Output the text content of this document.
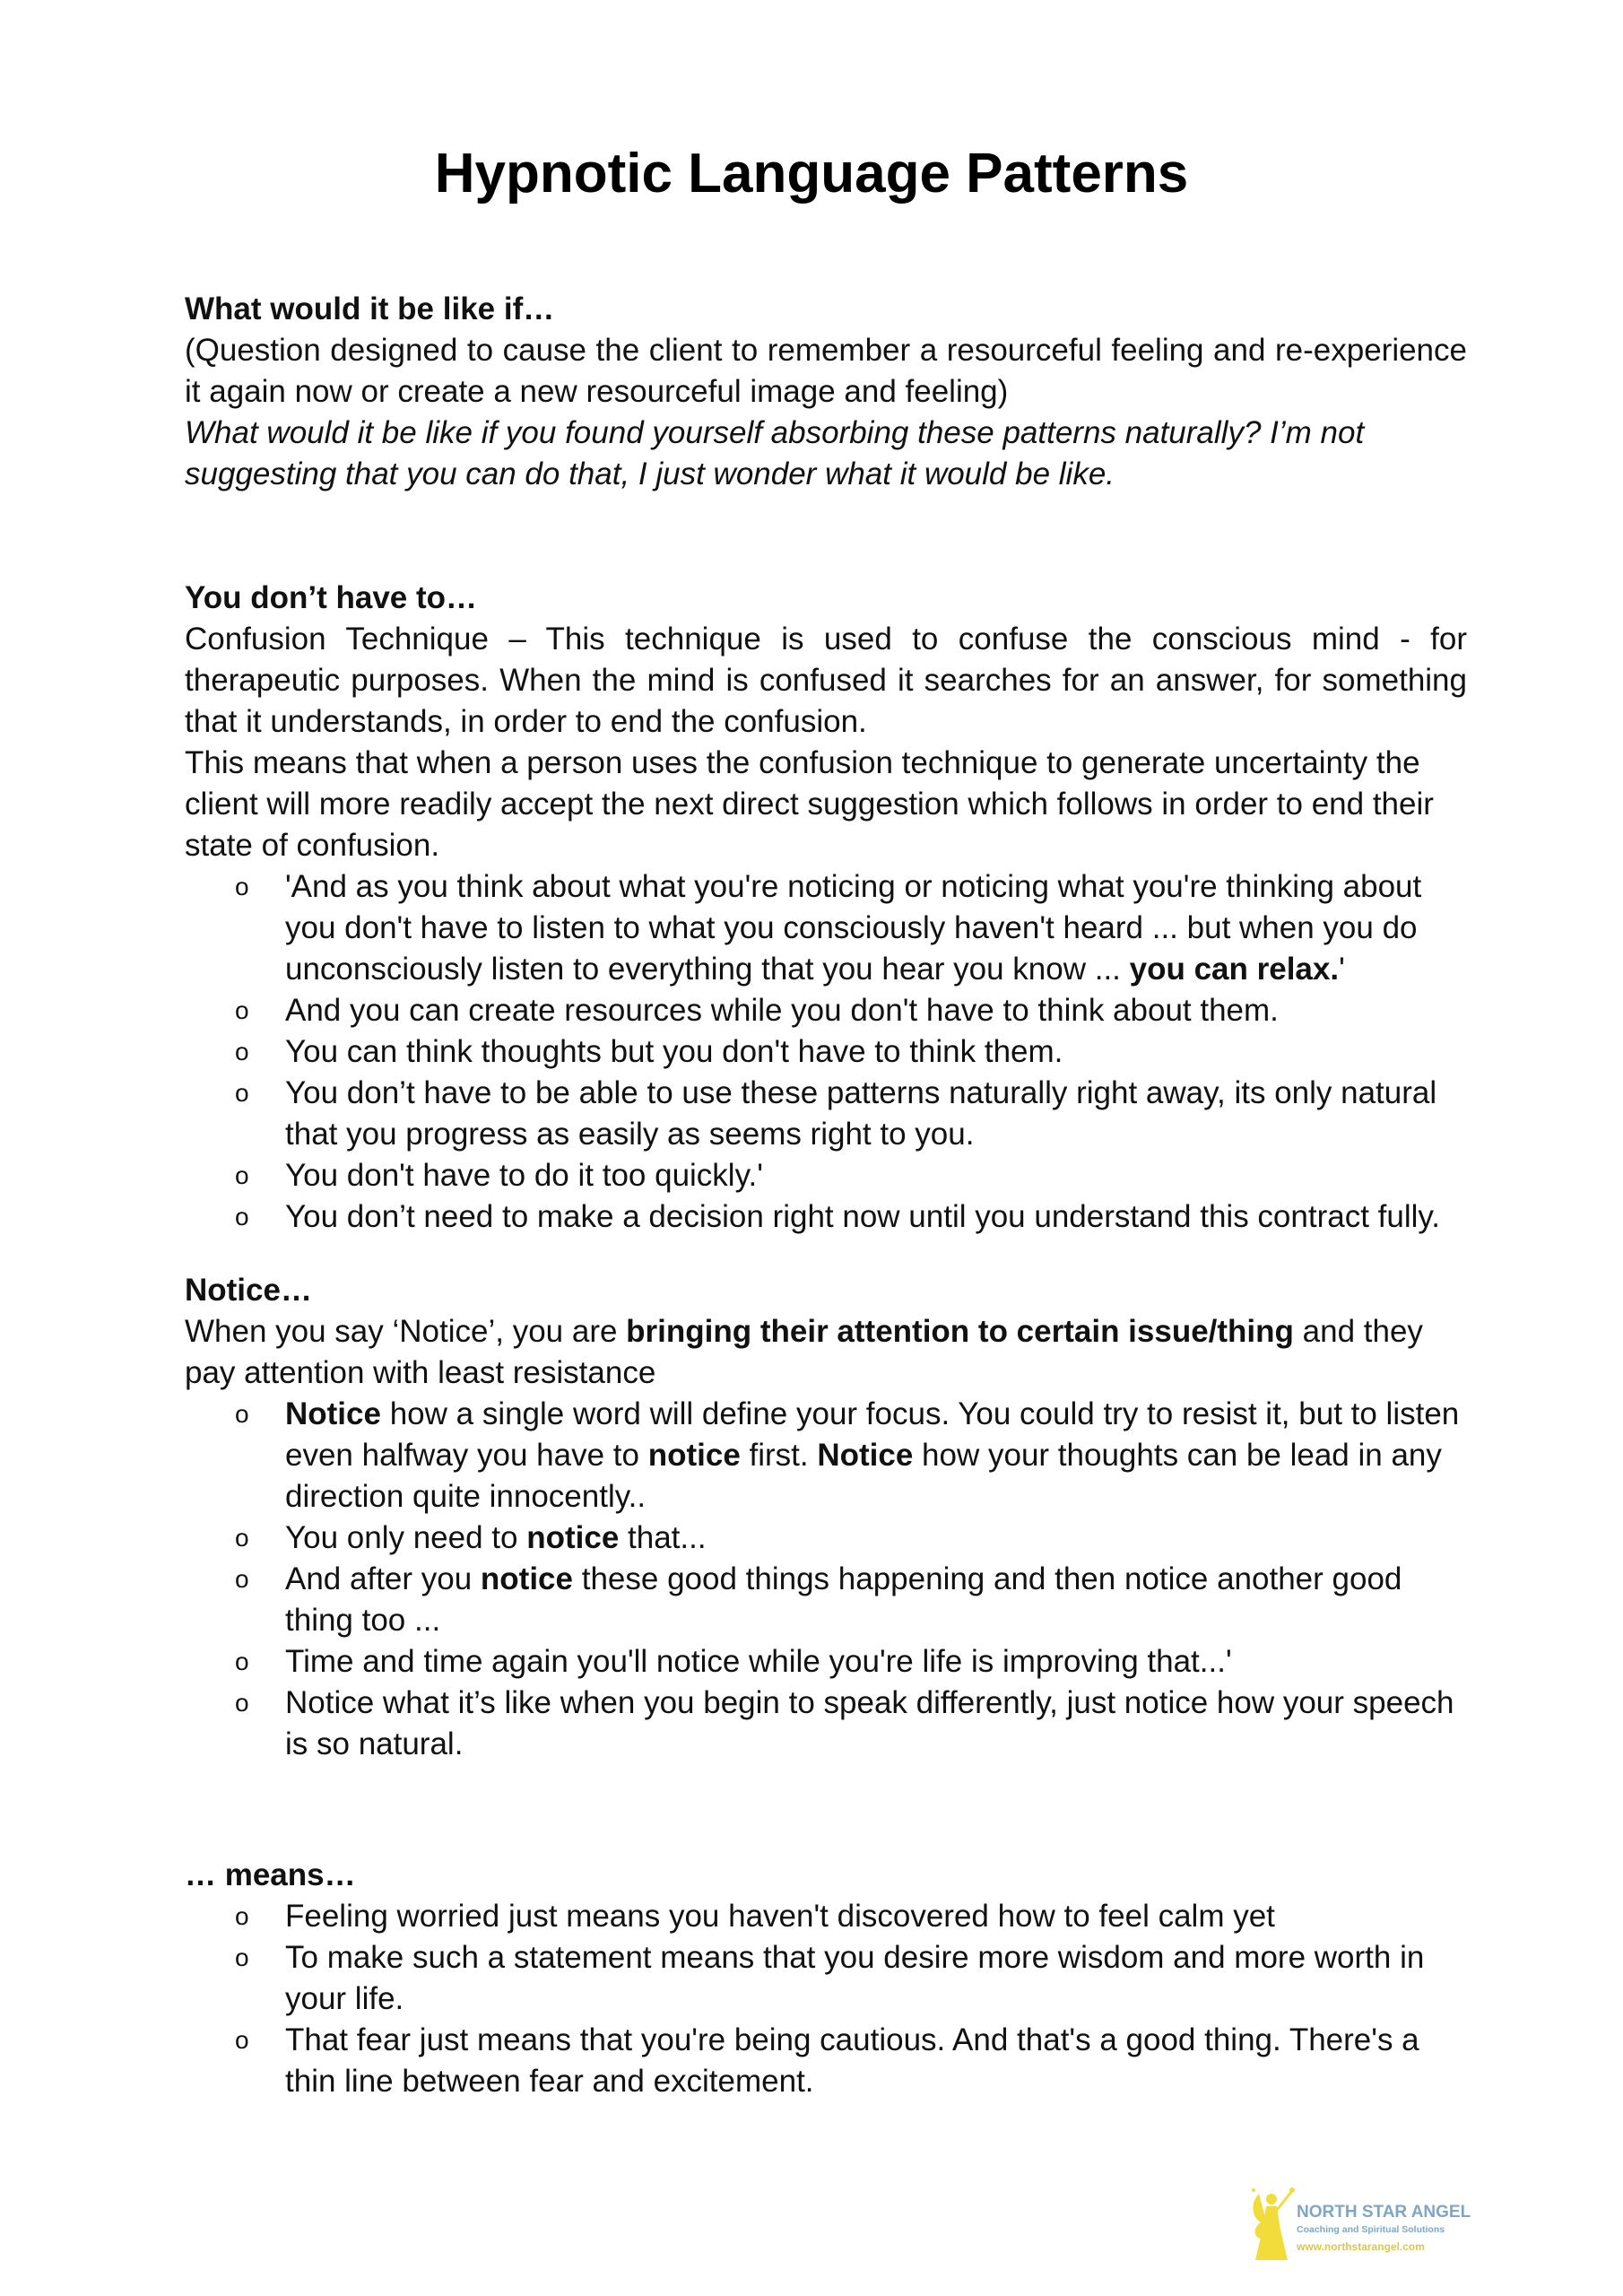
Hypnotic Language Patterns

What would it be like if…

(Question designed to cause the client to remember a resourceful feeling and re-experience it again now or create a new resourceful image and feeling)

What would it be like if you found yourself absorbing these patterns naturally? I’m not suggesting that you can do that, I just wonder what it would be like.

You don’t have to…

Confusion Technique – This technique is used to confuse the conscious mind - for therapeutic purposes. When the mind is confused it searches for an answer, for something that it understands, in order to end the confusion.

This means that when a person uses the confusion technique to generate uncertainty the client will more readily accept the next direct suggestion which follows in order to end their state of confusion.

o 'And as you think about what you're noticing or noticing what you're thinking about you don't have to listen to what you consciously haven't heard ... but when you do unconsciously listen to everything that you hear you know ... you can relax.'
o And you can create resources while you don't have to think about them.
o You can think thoughts but you don't have to think them.
o You don’t have to be able to use these patterns naturally right away, its only natural that you progress as easily as seems right to you.
o You don't have to do it too quickly.'
o You don’t need to make a decision right now until you understand this contract fully.

Notice…

When you say ‘Notice’, you are bringing their attention to certain issue/thing and they pay attention with least resistance

o Notice how a single word will define your focus. You could try to resist it, but to listen even halfway you have to notice first. Notice how your thoughts can be lead in any direction quite innocently..
o You only need to notice that...
o And after you notice these good things happening and then notice another good thing too ...
o Time and time again you'll notice while you're life is improving that...'
o Notice what it’s like when you begin to speak differently, just notice how your speech is so natural.

… means…

o Feeling worried just means you haven't discovered how to feel calm yet
o To make such a statement means that you desire more wisdom and more worth in your life.
o That fear just means that you're being cautious. And that's a good thing. There's a thin line between fear and excitement.
NORTH STAR ANGEL
Coaching and Spiritual Solutions
www.northstarangel.com
